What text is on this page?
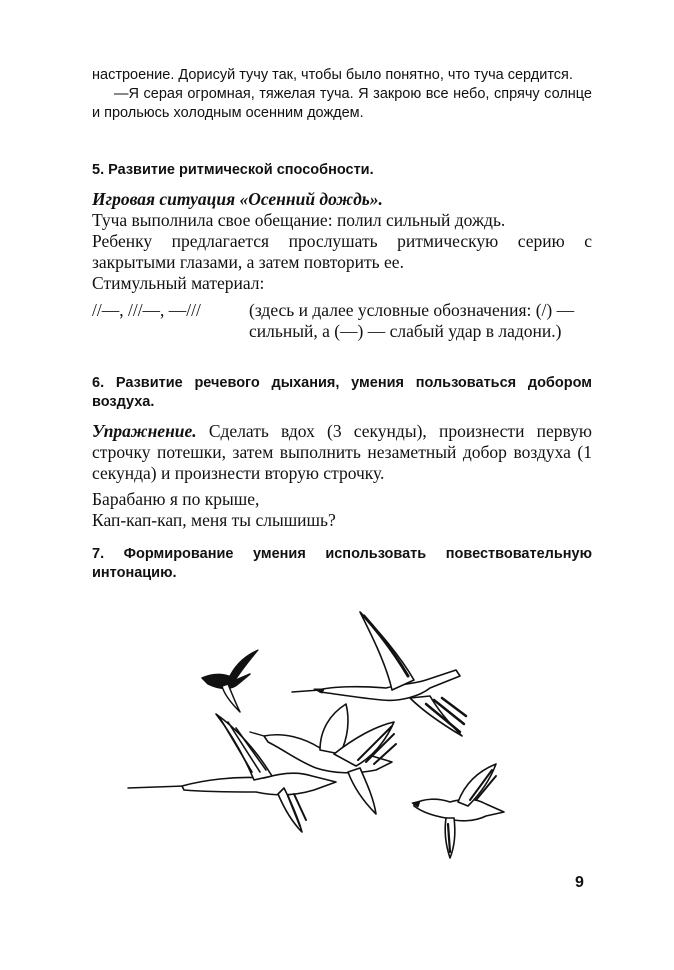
настроение. Дорисуй тучу так, чтобы было понятно, что туча сердится.

—Я серая огромная, тяжелая туча. Я закрою все небо, спрячу солнце и прольюсь холодным осенним дождем.

5. Развитие ритмической способности.

Игровая ситуация «Осенний дождь».

Туча выполнила свое обещание: полил сильный дождь.

Ребенку предлагается прослушать ритмическую серию с закрытыми глазами, а затем повторить ее.

Стимульный материал:

//—, ///—, —///	(здесь и далее условные обозначения: (/) — сильный, а (—) — слабый удар в ладони.)
6. Развитие речевого дыхания, умения пользоваться добором воздуха.
Упражнение. Сделать вдох (3 секунды), произнести первую строчку потешки, затем выполнить незаметный добор воздуха (1 секунда) и произнести вторую строчку.

Барабаню я по крыше,

Кап-кап-кап, меня ты слышишь?

7. Формирование умения использовать повествовательную интонацию.
9
